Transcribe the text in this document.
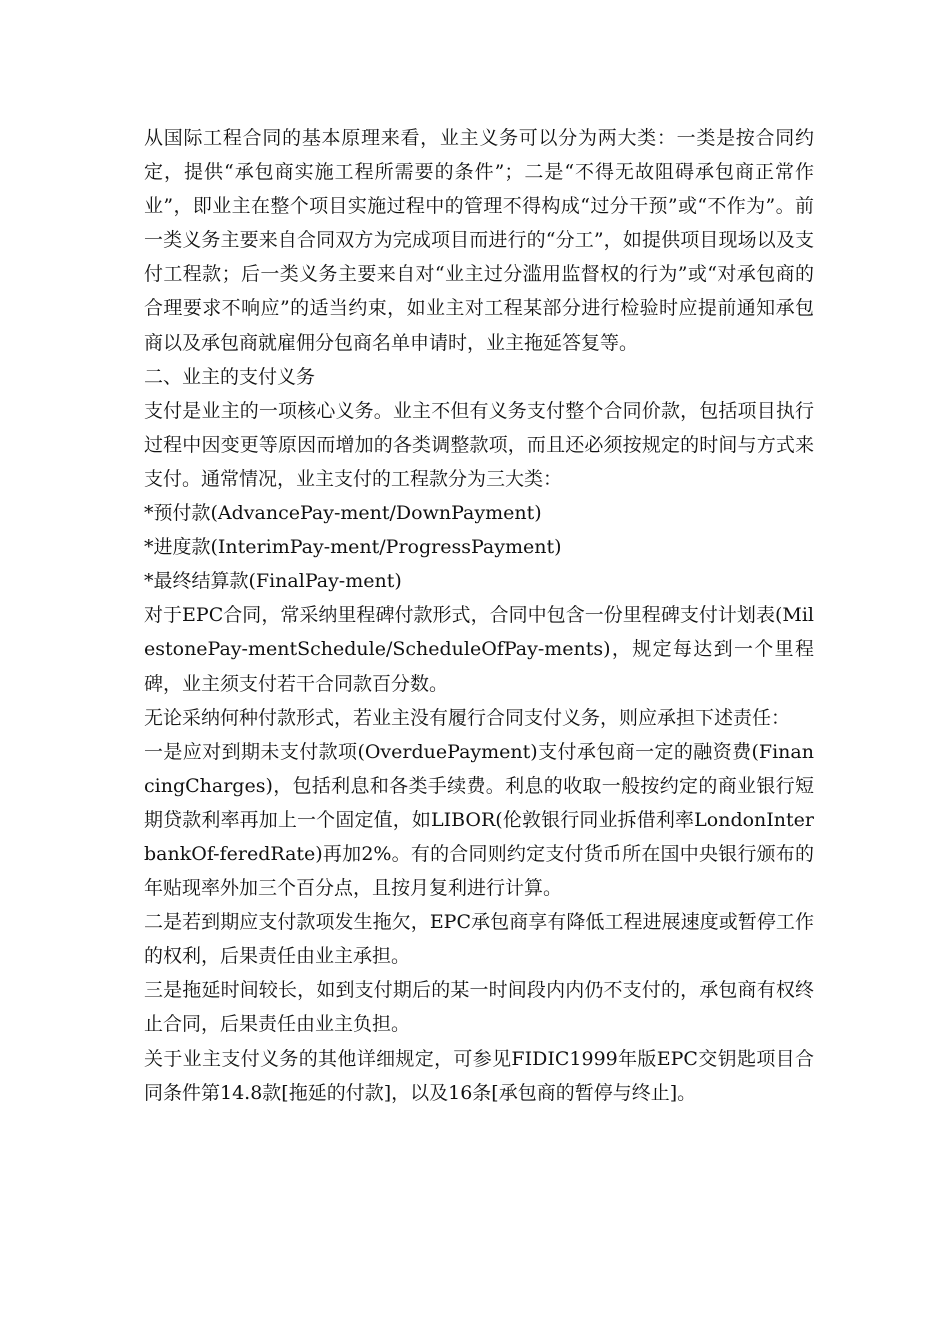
从国际工程合同的基本原理来看，业主义务可以分为两大类：一类是按合同约定，提供“承包商实施工程所需要的条件”；二是“不得无故阻碍承包商正常作业”，即业主在整个项目实施过程中的管理不得构成“过分干预”或“不作为”。前一类义务主要来自合同双方为完成项目而进行的“分工”，如提供项目现场以及支付工程款；后一类义务主要来自对“业主过分滥用监督权的行为”或“对承包商的合理要求不响应”的适当约束，如业主对工程某部分进行检验时应提前通知承包商以及承包商就雇佣分包商名单申请时，业主拖延答复等。

二、业主的支付义务

支付是业主的一项核心义务。业主不但有义务支付整个合同价款，包括项目执行过程中因变更等原因而增加的各类调整款项，而且还必须按规定的时间与方式来支付。通常情况，业主支付的工程款分为三大类：

*预付款(AdvancePay-ment/DownPayment)

*进度款(InterimPay-ment/ProgressPayment)

*最终结算款(FinalPay-ment)

对于EPC合同，常采纳里程碑付款形式，合同中包含一份里程碑支付计划表(MilestonePay-mentSchedule/ScheduleOfPay-ments)，规定每达到一个里程碑，业主须支付若干合同款百分数。

无论采纳何种付款形式，若业主没有履行合同支付义务，则应承担下述责任：

一是应对到期未支付款项(OverduePayment)支付承包商一定的融资费(FinancingCharges)，包括利息和各类手续费。利息的收取一般按约定的商业银行短期贷款利率再加上一个固定值，如LIBOR(伦敦银行同业拆借利率LondonInterbankOf-feredRate)再加2%。有的合同则约定支付货币所在国中央银行颁布的年贴现率外加三个百分点，且按月复利进行计算。

二是若到期应支付款项发生拖欠，EPC承包商享有降低工程进展速度或暂停工作的权利，后果责任由业主承担。

三是拖延时间较长，如到支付期后的某一时间段内内仍不支付的，承包商有权终止合同，后果责任由业主负担。

关于业主支付义务的其他详细规定，可参见FIDIC1999年版EPC交钥匙项目合同条件第14.8款[拖延的付款]，以及16条[承包商的暂停与终止]。
